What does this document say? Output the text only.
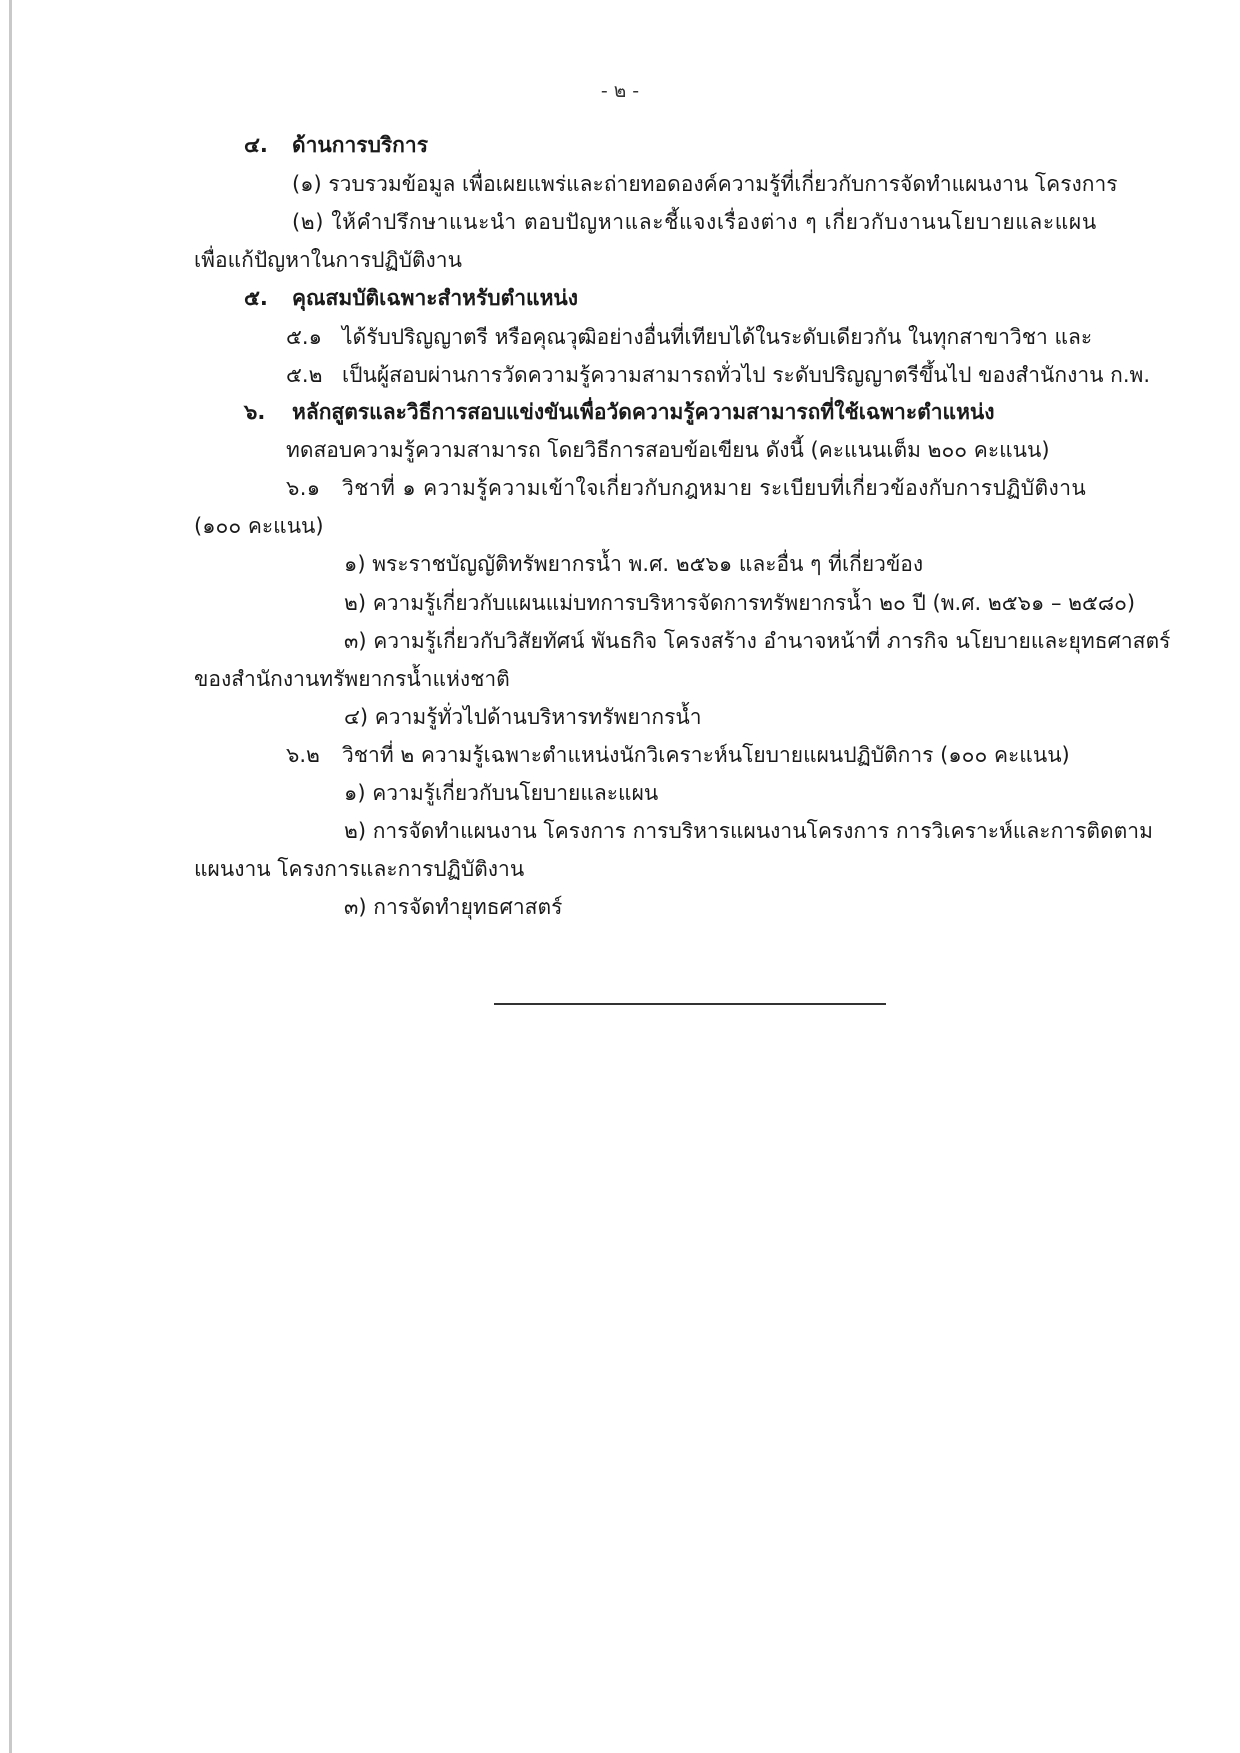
- ๒ -
๔. ด้านการบริการ
(๑) รวบรวมข้อมูล เพื่อเผยแพร่และถ่ายทอดองค์ความรู้ที่เกี่ยวกับการจัดทำแผนงาน โครงการ
(๒) ให้คำปรึกษาแนะนำ ตอบปัญหาและชี้แจงเรื่องต่าง ๆ เกี่ยวกับงานนโยบายและแผน
เพื่อแก้ปัญหาในการปฏิบัติงาน
๕. คุณสมบัติเฉพาะสำหรับตำแหน่ง
๕.๑ ได้รับปริญญาตรี หรือคุณวุฒิอย่างอื่นที่เทียบได้ในระดับเดียวกัน ในทุกสาขาวิชา และ
๕.๒ เป็นผู้สอบผ่านการวัดความรู้ความสามารถทั่วไป ระดับปริญญาตรีขึ้นไป ของสำนักงาน ก.พ.
๖. หลักสูตรและวิธีการสอบแข่งขันเพื่อวัดความรู้ความสามารถที่ใช้เฉพาะตำแหน่ง
ทดสอบความรู้ความสามารถ โดยวิธีการสอบข้อเขียน ดังนี้ (คะแนนเต็ม ๒๐๐ คะแนน)
๖.๑ วิชาที่ ๑ ความรู้ความเข้าใจเกี่ยวกับกฎหมาย ระเบียบที่เกี่ยวข้องกับการปฏิบัติงาน
(๑๐๐ คะแนน)
๑) พระราชบัญญัติทรัพยากรน้ำ พ.ศ. ๒๕๖๑ และอื่น ๆ ที่เกี่ยวข้อง
๒) ความรู้เกี่ยวกับแผนแม่บทการบริหารจัดการทรัพยากรน้ำ ๒๐ ปี (พ.ศ. ๒๕๖๑ – ๒๕๘๐)
๓) ความรู้เกี่ยวกับวิสัยทัศน์ พันธกิจ โครงสร้าง อำนาจหน้าที่ ภารกิจ นโยบายและยุทธศาสตร์
ของสำนักงานทรัพยากรน้ำแห่งชาติ
๔) ความรู้ทั่วไปด้านบริหารทรัพยากรน้ำ
๖.๒ วิชาที่ ๒ ความรู้เฉพาะตำแหน่งนักวิเคราะห์นโยบายแผนปฏิบัติการ (๑๐๐ คะแนน)
๑) ความรู้เกี่ยวกับนโยบายและแผน
๒) การจัดทำแผนงาน โครงการ การบริหารแผนงานโครงการ การวิเคราะห์และการติดตาม
แผนงาน โครงการและการปฏิบัติงาน
๓) การจัดทำยุทธศาสตร์
